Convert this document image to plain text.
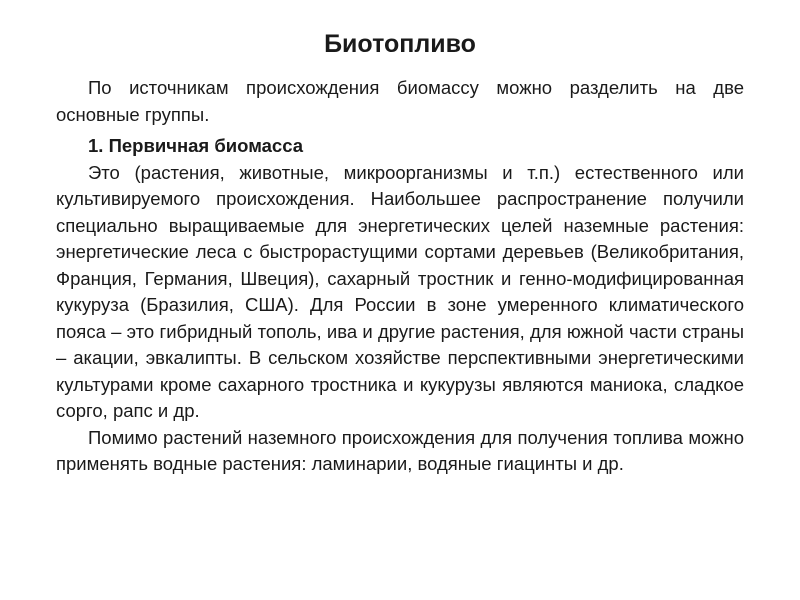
Биотопливо

По источникам происхождения биомассу можно разделить на две основные группы.

1. Первичная биомасса

Это (растения, животные, микроорганизмы и т.п.) естественного или культивируемого происхождения. Наибольшее распространение получили специально выращиваемые для энергетических целей наземные растения: энергетические леса с быстрорастущими сортами деревьев (Великобритания, Франция, Германия, Швеция), сахарный тростник и генно-модифицированная кукуруза (Бразилия, США). Для России в зоне умеренного климатического пояса – это гибридный тополь, ива и другие растения, для южной части страны – акации, эвкалипты. В сельском хозяйстве перспективными энергетическими культурами кроме сахарного тростника и кукурузы являются маниока, сладкое сорго, рапс и др.

Помимо растений наземного происхождения для получения топлива можно применять водные растения: ламинарии, водяные гиацинты и др.
